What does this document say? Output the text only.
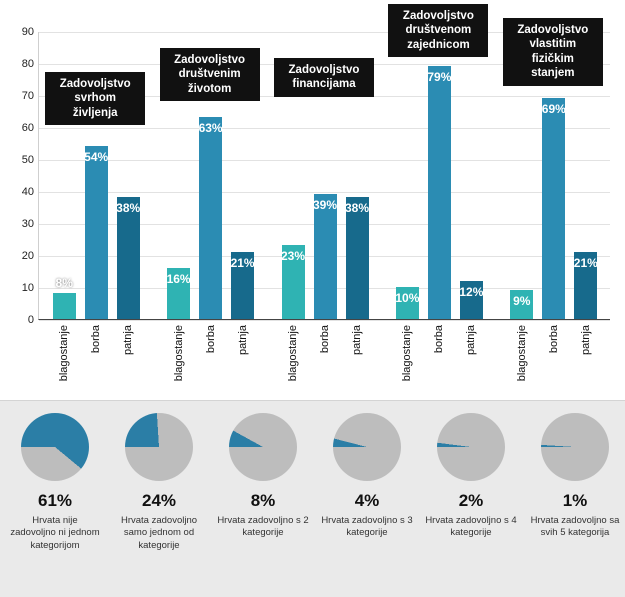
0
10
20
30
40
50
60
70
80
90
8%
blagostanje
54%
borba
38%
patnja
16%
blagostanje
63%
borba
21%
patnja
23%
blagostanje
39%
borba
38%
patnja
10%
blagostanje
79%
borba
12%
patnja
9%
blagostanje
69%
borba
21%
patnja
Zadovoljstvo svrhom življenja
Zadovoljstvo društvenim životom
Zadovoljstvo financijama
Zadovoljstvo društvenom zajednicom
Zadovoljstvo vlastitim fizičkim stanjem
61%
Hrvata nije zadovoljno ni jednom kategorijom
24%
Hrvata zadovoljno samo jednom od kategorije
8%
Hrvata zadovoljno s 2 kategorije
4%
Hrvata zadovoljno s 3 kategorije
2%
Hrvata zadovoljno s 4 kategorije
1%
Hrvata zadovoljno sa svih 5 kategorija
